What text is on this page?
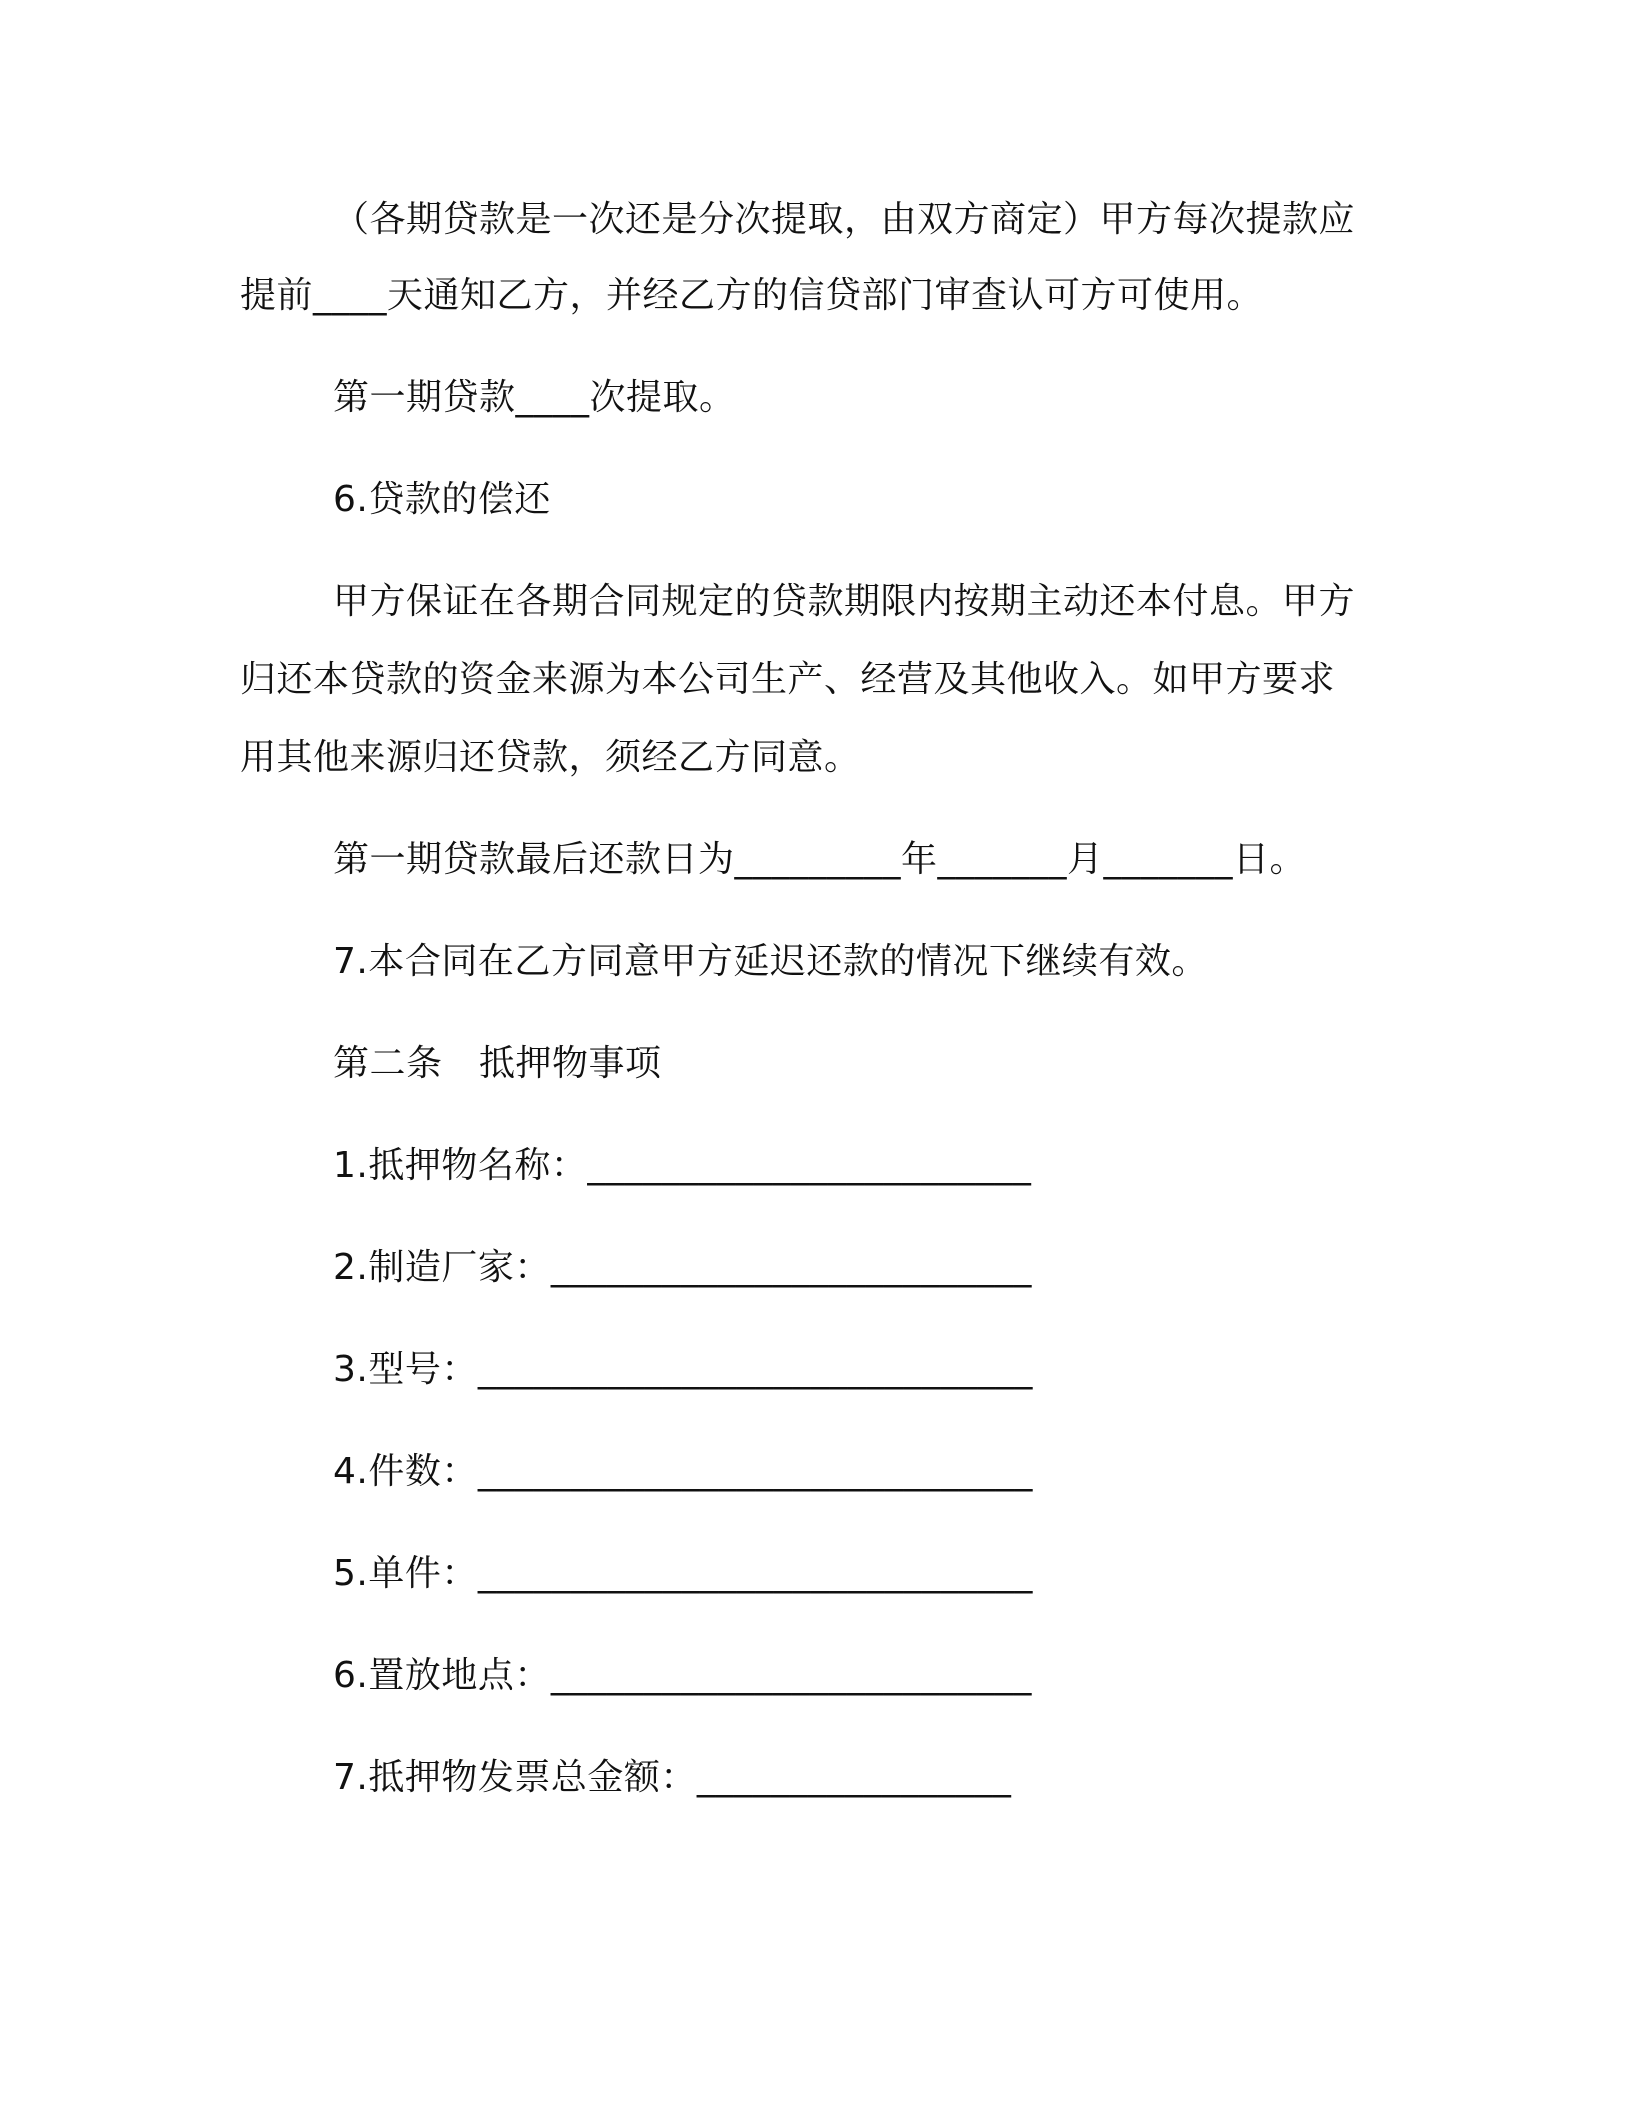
（各期贷款是一次还是分次提取，由双方商定）甲方每次提款应
提前____天通知乙方，并经乙方的信贷部门审查认可方可使用。
第一期贷款____次提取。
6.贷款的偿还
甲方保证在各期合同规定的贷款期限内按期主动还本付息。甲方
归还本贷款的资金来源为本公司生产、经营及其他收入。如甲方要求
用其他来源归还贷款，须经乙方同意。
第一期贷款最后还款日为_________年_______月_______日。
7.本合同在乙方同意甲方延迟还款的情况下继续有效。
第二条　抵押物事项
1.抵押物名称：________________________
2.制造厂家：__________________________
3.型号：______________________________
4.件数：______________________________
5.单件：______________________________
6.置放地点：__________________________
7.抵押物发票总金额：_________________
